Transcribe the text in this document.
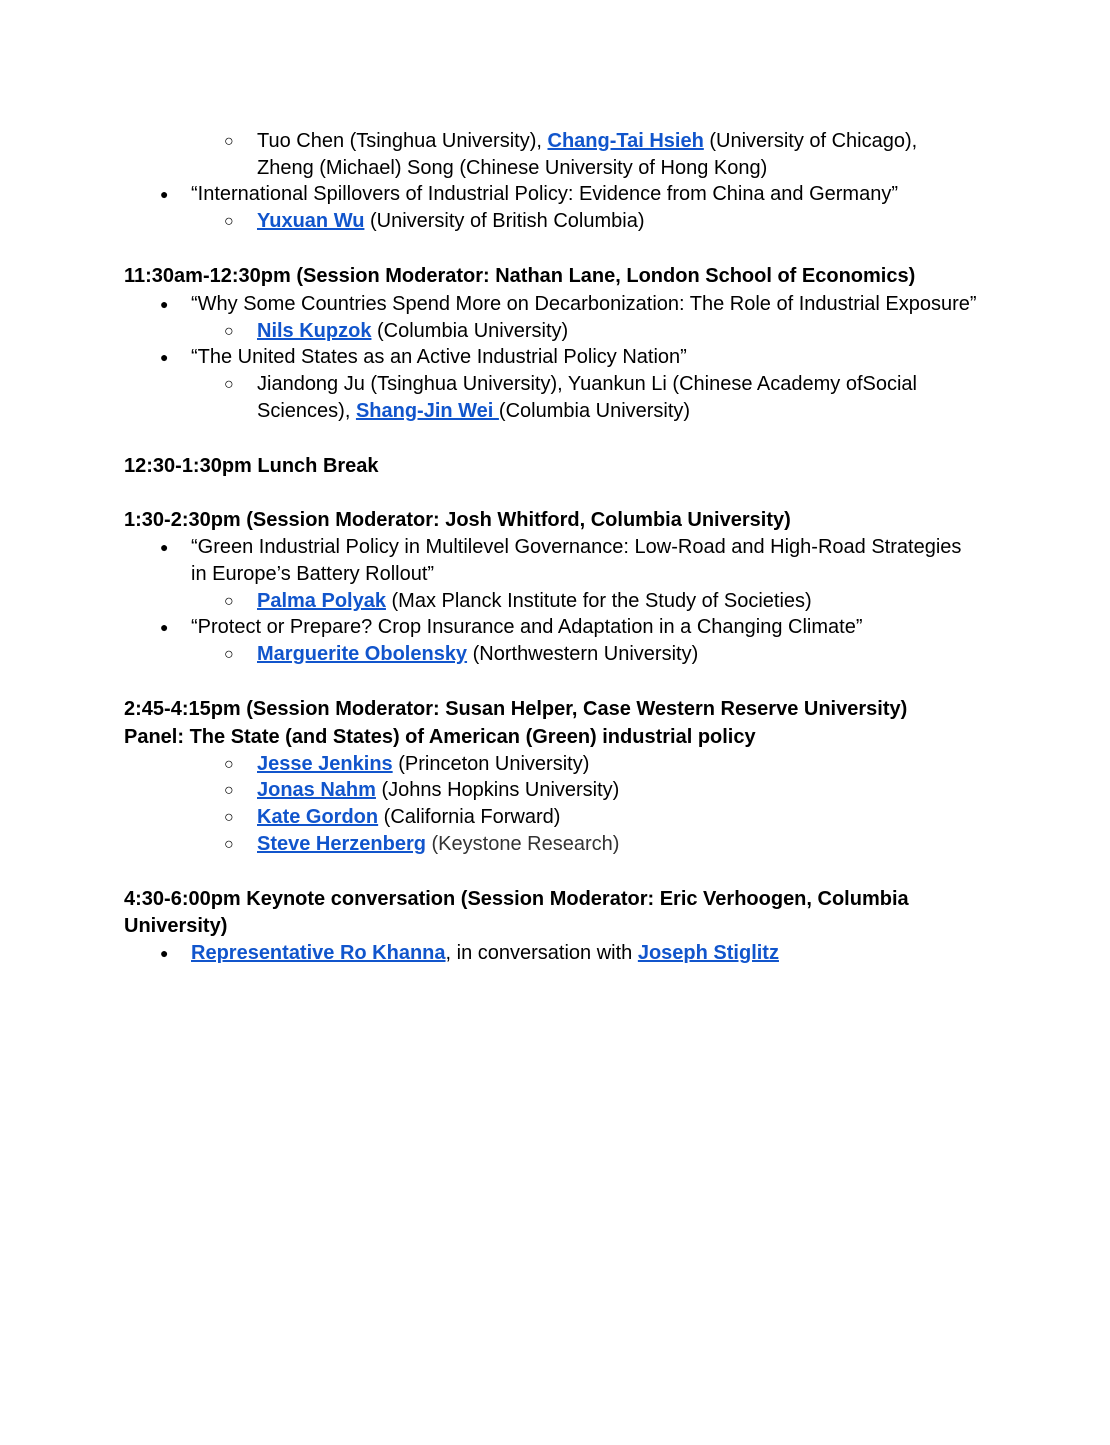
○ Tuo Chen (Tsinghua University), Chang-Tai Hsieh (University of Chicago),
Zheng (Michael) Song (Chinese University of Hong Kong)
● “International Spillovers of Industrial Policy: Evidence from China and Germany”
○ Yuxuan Wu (University of British Columbia)
11:30am-12:30pm (Session Moderator: Nathan Lane, London School of Economics)
● “Why Some Countries Spend More on Decarbonization: The Role of Industrial Exposure”
○ Nils Kupzok (Columbia University)
● “The United States as an Active Industrial Policy Nation”
○ Jiandong Ju (Tsinghua University), Yuankun Li (Chinese Academy ofSocial
Sciences), Shang-Jin Wei (Columbia University)
12:30-1:30pm Lunch Break
1:30-2:30pm (Session Moderator: Josh Whitford, Columbia University)
● “Green Industrial Policy in Multilevel Governance: Low-Road and High-Road Strategies
in Europe’s Battery Rollout”
○ Palma Polyak (Max Planck Institute for the Study of Societies)
● “Protect or Prepare? Crop Insurance and Adaptation in a Changing Climate”
○ Marguerite Obolensky (Northwestern University)
2:45-4:15pm (Session Moderator: Susan Helper, Case Western Reserve University)
Panel: The State (and States) of American (Green) industrial policy
○ Jesse Jenkins (Princeton University)
○ Jonas Nahm (Johns Hopkins University)
○ Kate Gordon (California Forward)
○ Steve Herzenberg (Keystone Research)
4:30-6:00pm Keynote conversation (Session Moderator: Eric Verhoogen, Columbia
University)
● Representative Ro Khanna, in conversation with Joseph Stiglitz
